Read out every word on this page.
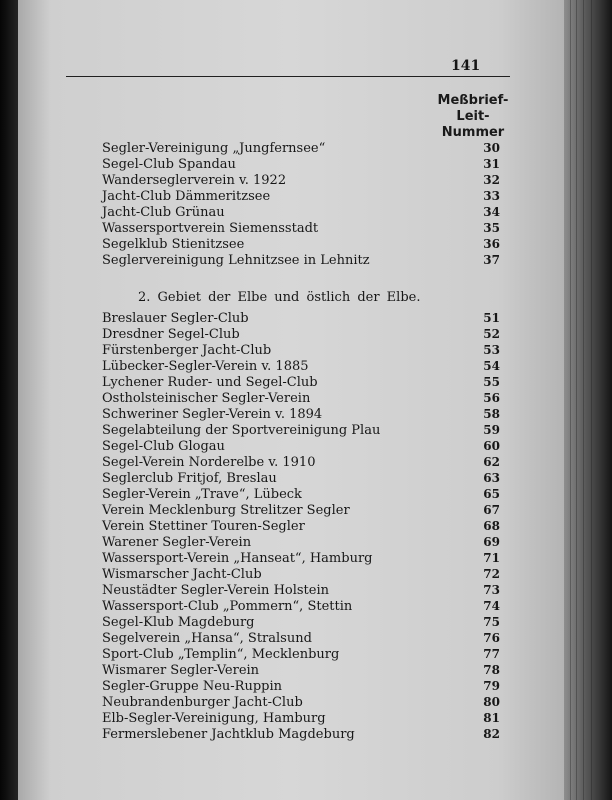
141
Meßbrief-
Leit-
Nummer
Segler-Vereinigung „Jungfernsee“	30
Segel-Club Spandau	31
Wanderseglerverein v. 1922	32
Jacht-Club Dämmeritzsee	33
Jacht-Club Grünau	34
Wassersportverein Siemensstadt	35
Segelklub Stienitzsee	36
Seglervereinigung Lehnitzsee in Lehnitz	37
2. Gebiet der Elbe und östlich der Elbe.
Breslauer Segler-Club	51
Dresdner Segel-Club	52
Fürstenberger Jacht-Club	53
Lübecker-Segler-Verein v. 1885	54
Lychener Ruder- und Segel-Club	55
Ostholsteinischer Segler-Verein	56
Schweriner Segler-Verein v. 1894	58
Segelabteilung der Sportvereinigung Plau	59
Segel-Club Glogau	60
Segel-Verein Norderelbe v. 1910	62
Seglerclub Fritjof, Breslau	63
Segler-Verein „Trave“, Lübeck	65
Verein Mecklenburg Strelitzer Segler	67
Verein Stettiner Touren-Segler	68
Warener Segler-Verein	69
Wassersport-Verein „Hanseat“, Hamburg	71
Wismarscher Jacht-Club	72
Neustädter Segler-Verein Holstein	73
Wassersport-Club „Pommern“, Stettin	74
Segel-Klub Magdeburg	75
Segelverein „Hansa“, Stralsund	76
Sport-Club „Templin“, Mecklenburg	77
Wismarer Segler-Verein	78
Segler-Gruppe Neu-Ruppin	79
Neubrandenburger Jacht-Club	80
Elb-Segler-Vereinigung, Hamburg	81
Fermerslebener Jachtklub Magdeburg	82
